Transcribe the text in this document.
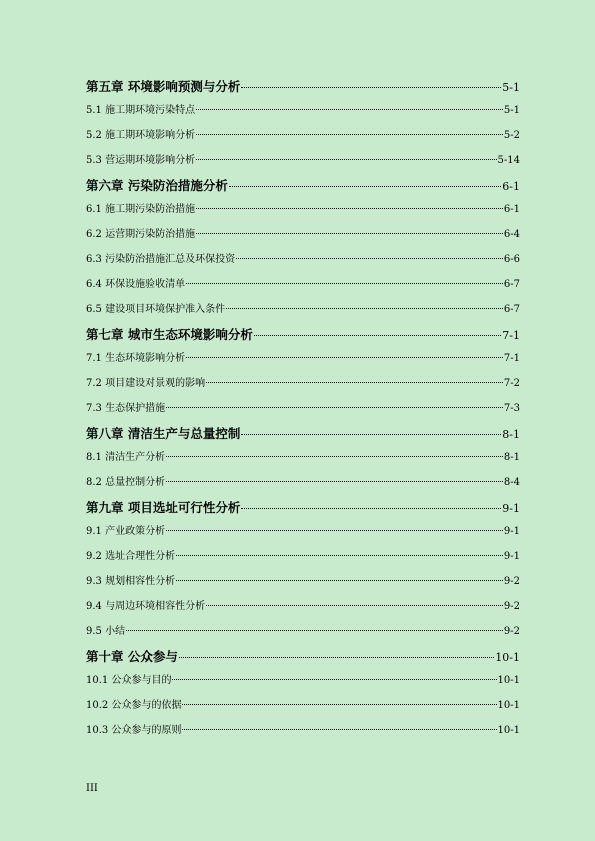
第五章 环境影响预测与分析	5-1
5.1 施工期环境污染特点	5-1
5.2 施工期环境影响分析	5-2
5.3 营运期环境影响分析	5-14
第六章 污染防治措施分析	6-1
6.1 施工期污染防治措施	6-1
6.2 运营期污染防治措施	6-4
6.3 污染防治措施汇总及环保投资	6-6
6.4 环保设施验收清单	6-7
6.5 建设项目环境保护准入条件	6-7
第七章 城市生态环境影响分析	7-1
7.1 生态环境影响分析	7-1
7.2 项目建设对景观的影响	7-2
7.3 生态保护措施	7-3
第八章 清洁生产与总量控制	8-1
8.1 清洁生产分析	8-1
8.2 总量控制分析	8-4
第九章 项目选址可行性分析	9-1
9.1 产业政策分析	9-1
9.2 选址合理性分析	9-1
9.3 规划相容性分析	9-2
9.4 与周边环境相容性分析	9-2
9.5 小结	9-2
第十章 公众参与	10-1
10.1 公众参与目的	10-1
10.2 公众参与的依据	10-1
10.3 公众参与的原则	10-1
III
